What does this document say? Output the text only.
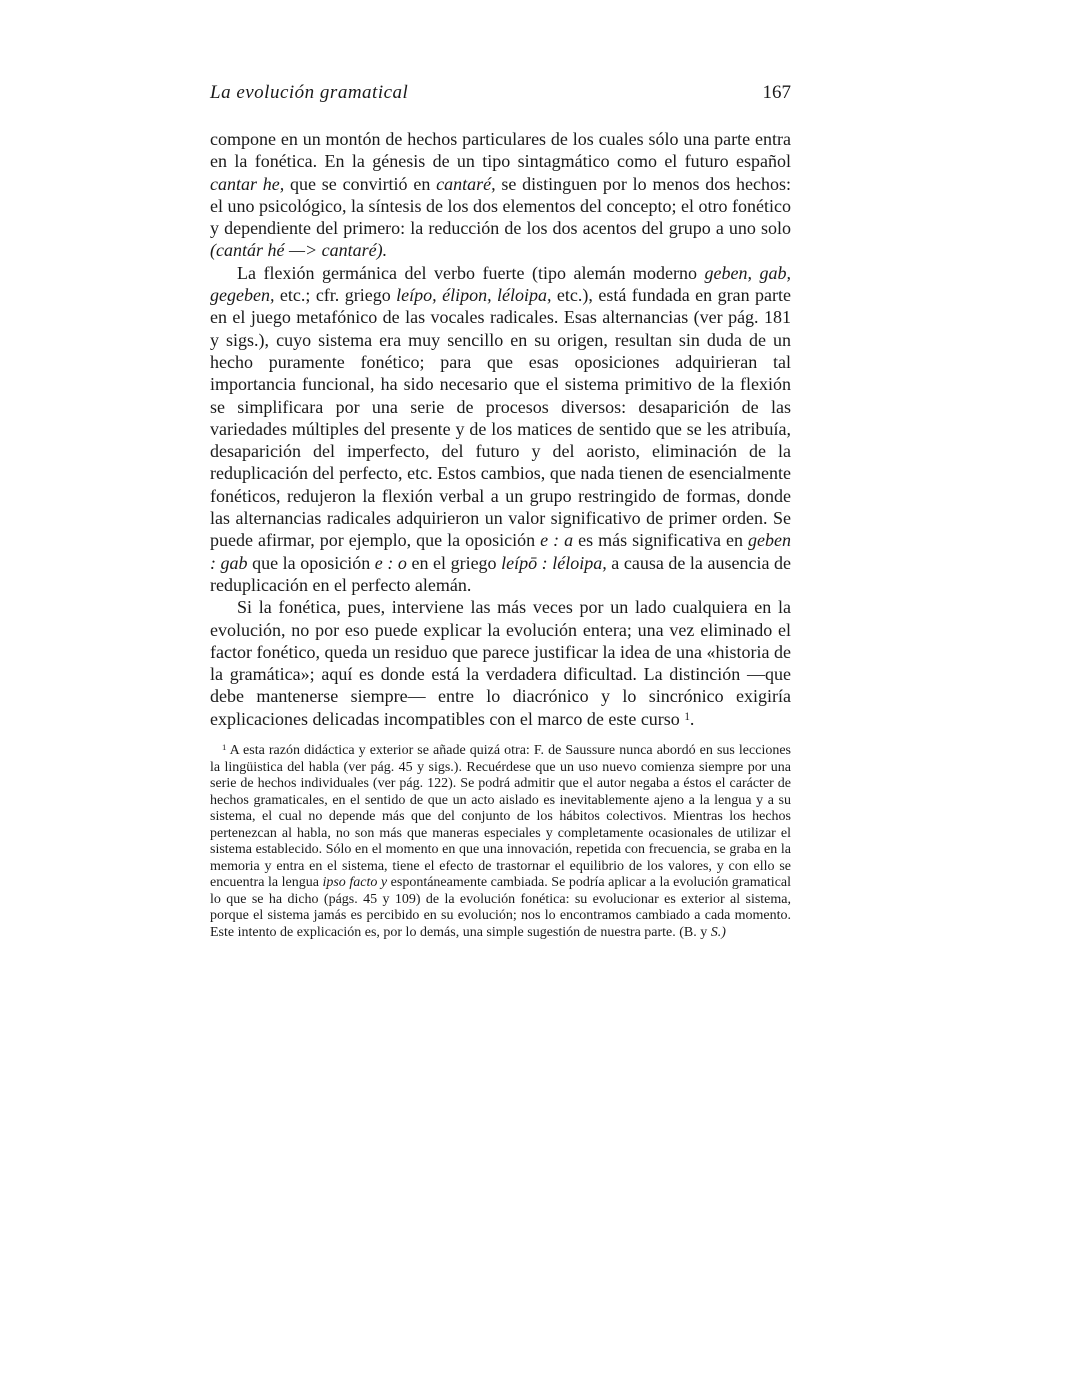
La evolución gramatical	167
compone en un montón de hechos particulares de los cuales sólo una parte entra en la fonética. En la génesis de un tipo sintagmático como el futuro español cantar he, que se convirtió en cantaré, se distinguen por lo menos dos hechos: el uno psicológico, la síntesis de los dos elementos del concepto; el otro fonético y dependiente del primero: la reducción de los dos acentos del grupo a uno solo (cantár hé —> cantaré).
La flexión germánica del verbo fuerte (tipo alemán moderno geben, gab, gegeben, etc.; cfr. griego leípo, élipon, léloipa, etc.), está fundada en gran parte en el juego metafónico de las vocales radicales. Esas alternancias (ver pág. 181 y sigs.), cuyo sistema era muy sencillo en su origen, resultan sin duda de un hecho puramente fonético; para que esas oposiciones adquirieran tal importancia funcional, ha sido necesario que el sistema primitivo de la flexión se simplificara por una serie de procesos diversos: desaparición de las variedades múltiples del presente y de los matices de sentido que se les atribuía, desaparición del imperfecto, del futuro y del aoristo, eliminación de la reduplicación del perfecto, etc. Estos cambios, que nada tienen de esencialmente fonéticos, redujeron la flexión verbal a un grupo restringido de formas, donde las alternancias radicales adquirieron un valor significativo de primer orden. Se puede afirmar, por ejemplo, que la oposición e : a es más significativa en geben : gab que la oposición e : o en el griego leípō : léloipa, a causa de la ausencia de reduplicación en el perfecto alemán.
Si la fonética, pues, interviene las más veces por un lado cualquiera en la evolución, no por eso puede explicar la evolución entera; una vez eliminado el factor fonético, queda un residuo que parece justificar la idea de una «historia de la gramática»; aquí es donde está la verdadera dificultad. La distinción —que debe mantenerse siempre— entre lo diacrónico y lo sincrónico exigiría explicaciones delicadas incompatibles con el marco de este curso $^1$.
$^1$ A esta razón didáctica y exterior se añade quizá otra: F. de Saussure nunca abordó en sus lecciones la lingüistica del habla (ver pág. 45 y sigs.). Recuérdese que un uso nuevo comienza siempre por una serie de hechos individuales (ver pág. 122). Se podrá admitir que el autor negaba a éstos el carácter de hechos gramaticales, en el sentido de que un acto aislado es inevitablemente ajeno a la lengua y a su sistema, el cual no depende más que del conjunto de los hábitos colectivos. Mientras los hechos pertenezcan al habla, no son más que maneras especiales y completamente ocasionales de utilizar el sistema establecido. Sólo en el momento en que una innovación, repetida con frecuencia, se graba en la memoria y entra en el sistema, tiene el efecto de trastornar el equilibrio de los valores, y con ello se encuentra la lengua ipso facto y espontáneamente cambiada. Se podría aplicar a la evolución gramatical lo que se ha dicho (págs. 45 y 109) de la evolución fonética: su evolucionar es exterior al sistema, porque el sistema jamás es percibido en su evolución; nos lo encontramos cambiado a cada momento. Este intento de explicación es, por lo demás, una simple sugestión de nuestra parte. (B. y S.)
